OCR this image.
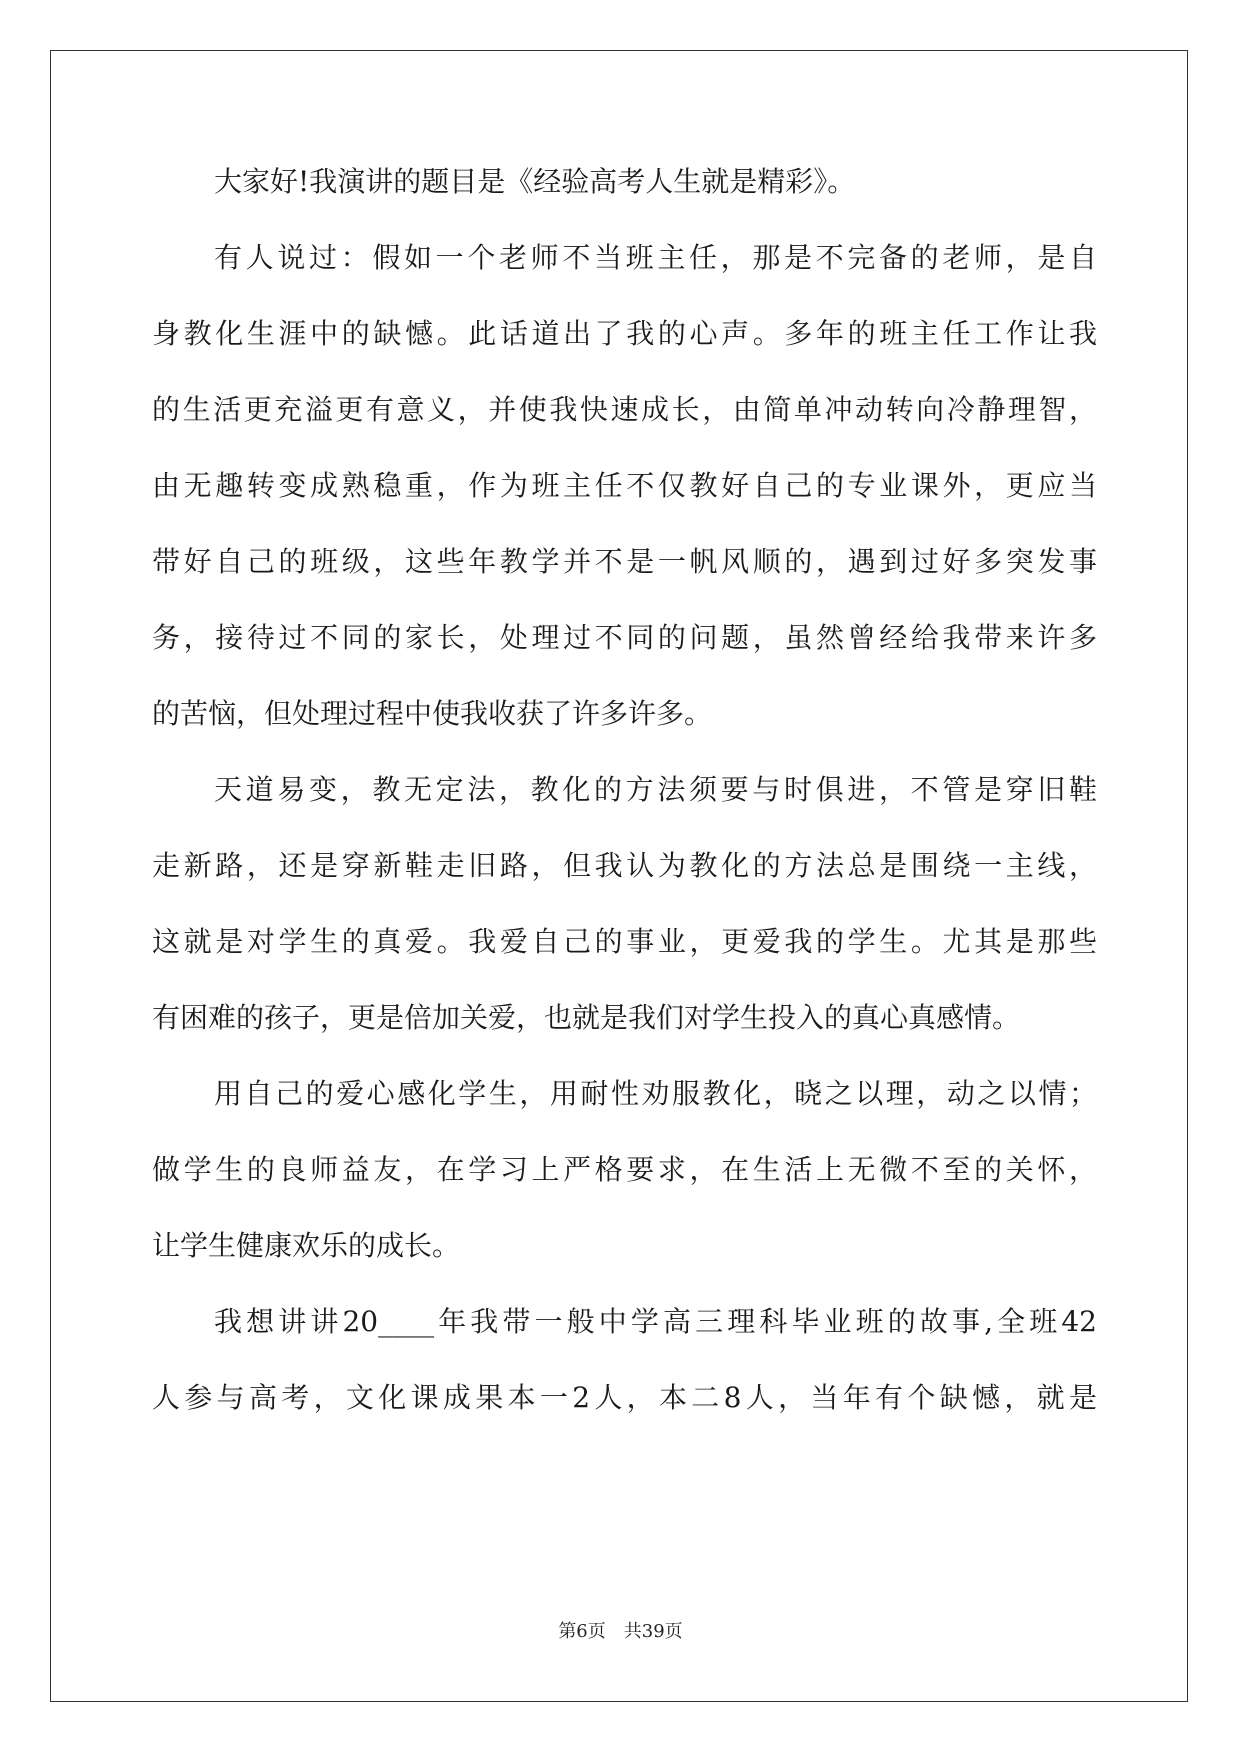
大家好!我演讲的题目是《经验高考人生就是精彩》。
有人说过：假如一个老师不当班主任，那是不完备的老师，是自
身教化生涯中的缺憾。此话道出了我的心声。多年的班主任工作让我
的生活更充溢更有意义，并使我快速成长，由简单冲动转向冷静理智，
由无趣转变成熟稳重，作为班主任不仅教好自己的专业课外，更应当
带好自己的班级，这些年教学并不是一帆风顺的，遇到过好多突发事
务，接待过不同的家长，处理过不同的问题，虽然曾经给我带来许多
的苦恼，但处理过程中使我收获了许多许多。
天道易变，教无定法，教化的方法须要与时俱进，不管是穿旧鞋
走新路，还是穿新鞋走旧路，但我认为教化的方法总是围绕一主线，
这就是对学生的真爱。我爱自己的事业，更爱我的学生。尤其是那些
有困难的孩子，更是倍加关爱，也就是我们对学生投入的真心真感情。
用自己的爱心感化学生，用耐性劝服教化，晓之以理，动之以情；
做学生的良师益友，在学习上严格要求，在生活上无微不至的关怀，
让学生健康欢乐的成长。
我想讲讲20____年我带一般中学高三理科毕业班的故事,全班42
人参与高考，文化课成果本一2人，本二8人，当年有个缺憾，就是
第6页 共39页
